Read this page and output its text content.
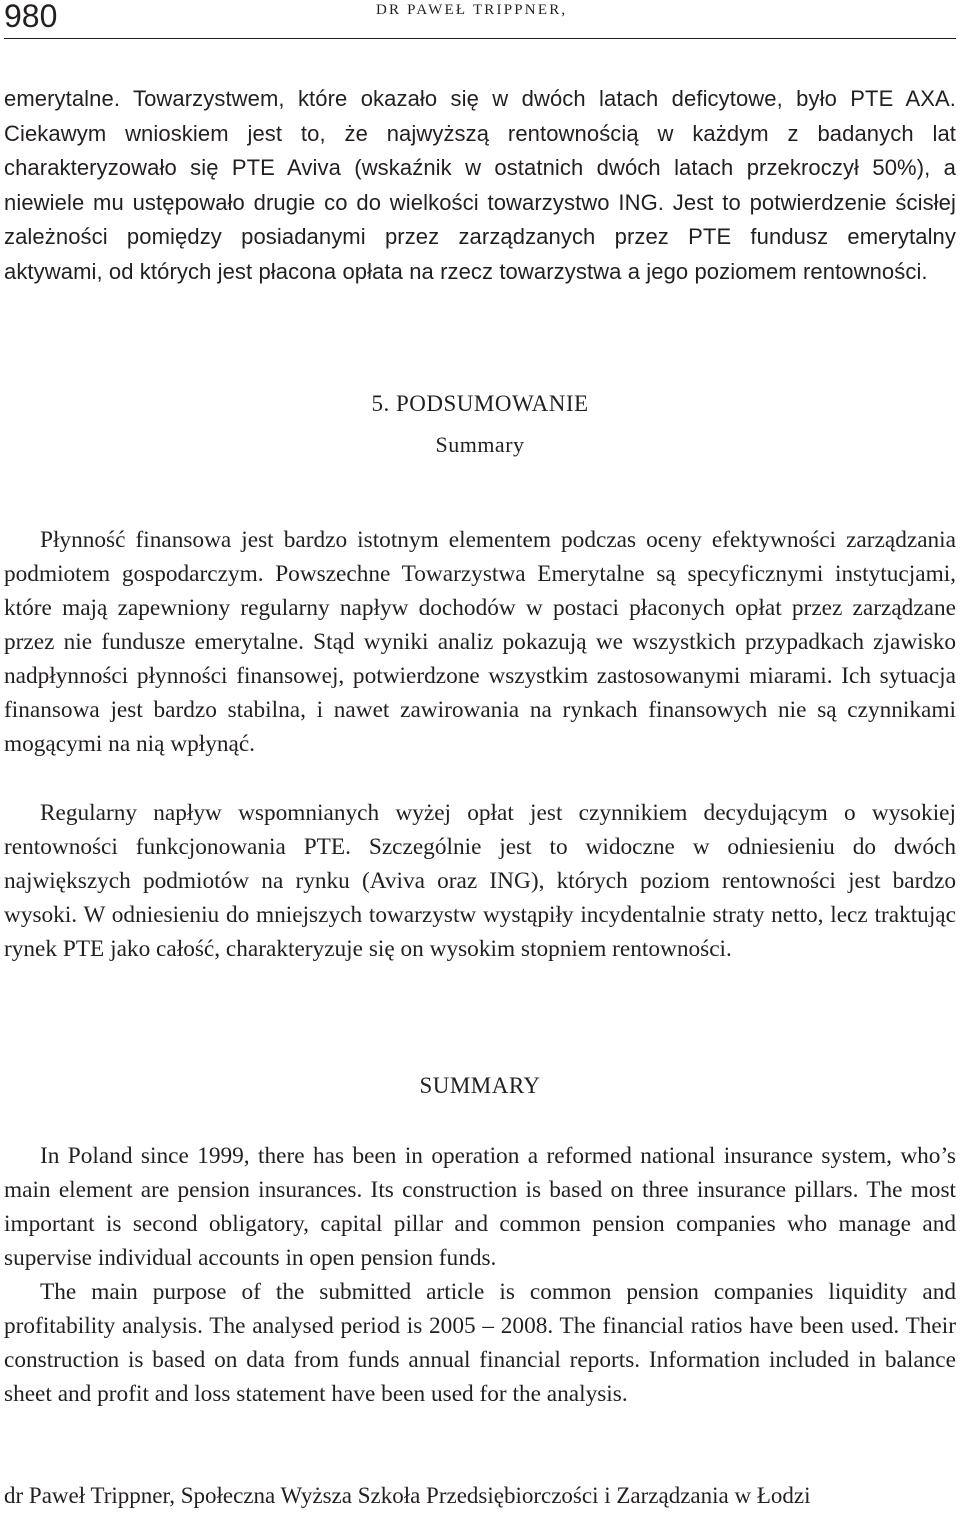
980	DR PAWEŁ TRIPPNER,

emerytalne. Towarzystwem, które okazało się w dwóch latach deficytowe, było PTE AXA. Ciekawym wnioskiem jest to, że najwyższą rentownością w każdym z badanych lat charakteryzowało się PTE Aviva (wskaźnik w ostatnich dwóch latach przekroczył 50%), a niewiele mu ustępowało drugie co do wielkości towarzystwo ING. Jest to potwierdzenie ścisłej zależności pomiędzy posiadanymi przez zarządzanych przez PTE fundusz emerytalny aktywami, od których jest płacona opłata na rzecz towarzystwa a jego poziomem rentowności.

5. PODSUMOWANIE
Summary

Płynność finansowa jest bardzo istotnym elementem podczas oceny efektywności zarządzania podmiotem gospodarczym. Powszechne Towarzystwa Emerytalne są specyficznymi instytucjami, które mają zapewniony regularny napływ dochodów w postaci płaconych opłat przez zarządzane przez nie fundusze emerytalne. Stąd wyniki analiz pokazują we wszystkich przypadkach zjawisko nadpłynności płynności finansowej, potwierdzone wszystkim zastosowanymi miarami. Ich sytuacja finansowa jest bardzo stabilna, i nawet zawirowania na rynkach finansowych nie są czynnikami mogącymi na nią wpłynąć.

Regularny napływ wspomnianych wyżej opłat jest czynnikiem decydującym o wysokiej rentowności funkcjonowania PTE. Szczególnie jest to widoczne w odniesieniu do dwóch największych podmiotów na rynku (Aviva oraz ING), których poziom rentowności jest bardzo wysoki. W odniesieniu do mniejszych towarzystw wystąpiły incydentalnie straty netto, lecz traktując rynek PTE jako całość, charakteryzuje się on wysokim stopniem rentowności.

SUMMARY

In Poland since 1999, there has been in operation a reformed national insurance system, who’s main element are pension insurances. Its construction is based on three insurance pillars. The most important is second obligatory, capital pillar and common pension companies who manage and supervise individual accounts in open pension funds.

The main purpose of the submitted article is common pension companies liquidity and profitability analysis. The analysed period is 2005 – 2008. The financial ratios have been used. Their construction is based on data from funds annual financial reports. Information included in balance sheet and profit and loss statement have been used for the analysis.

dr Paweł Trippner, Społeczna Wyższa Szkoła Przedsiębiorczości i Zarządzania w Łodzi
